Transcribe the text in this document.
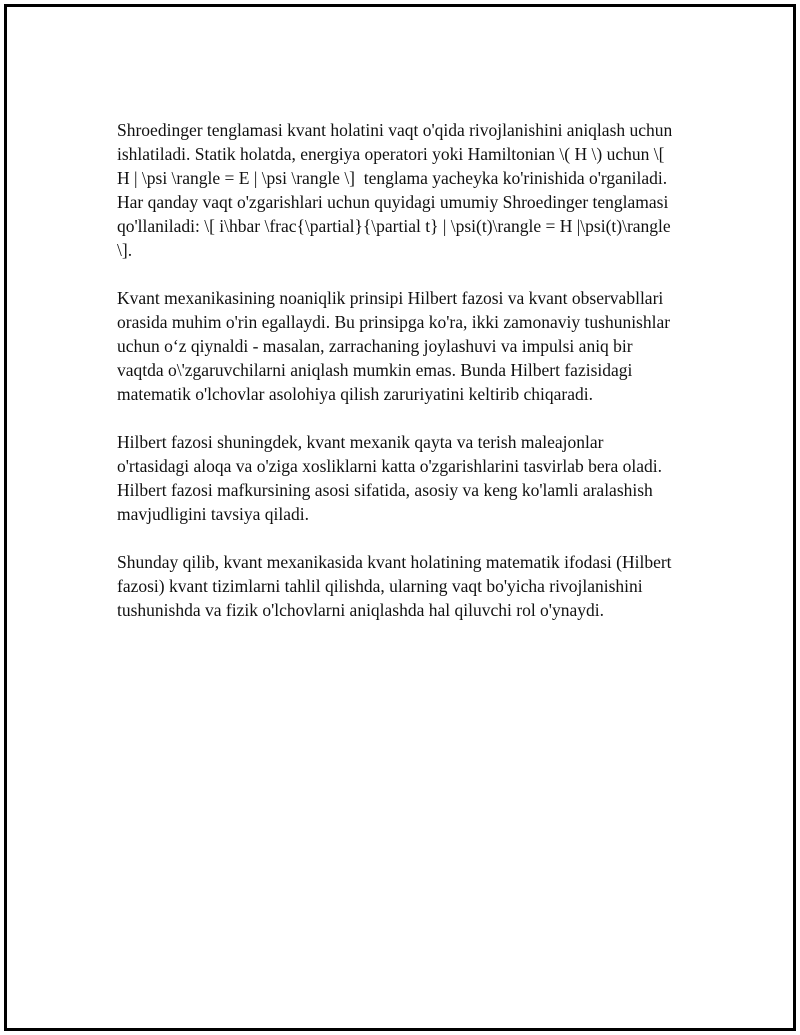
Shroedinger tenglamasi kvant holatini vaqt o'qida rivojlanishini aniqlash uchun ishlatiladi. Statik holatda, energiya operatori yoki Hamiltonian \( H \) uchun \[ H | \psi \rangle = E | \psi \rangle \]  tenglama yacheyka ko'rinishida o'rganiladi. Har qanday vaqt o'zgarishlari uchun quyidagi umumiy Shroedinger tenglamasi qo'llaniladi: \[ i\hbar \frac{\partial}{\partial t} | \psi(t)\rangle = H |\psi(t)\rangle \].

Kvant mexanikasining noaniqlik prinsipi Hilbert fazosi va kvant observabllari orasida muhim o'rin egallaydi. Bu prinsipga ko'ra, ikki zamonaviy tushunishlar uchun o‘z qiynaldi - masalan, zarrachaning joylashuvi va impulsi aniq bir vaqtda o\'zgaruvchilarni aniqlash mumkin emas. Bunda Hilbert fazisidagi matematik o'lchovlar asolohiya qilish zaruriyatini keltirib chiqaradi.

Hilbert fazosi shuningdek, kvant mexanik qayta va terish maleajonlar o'rtasidagi aloqa va o'ziga xosliklarni katta o'zgarishlarini tasvirlab bera oladi. Hilbert fazosi mafkursining asosi sifatida, asosiy va keng ko'lamli aralashish mavjudligini tavsiya qiladi.

Shunday qilib, kvant mexanikasida kvant holatining matematik ifodasi (Hilbert fazosi) kvant tizimlarni tahlil qilishda, ularning vaqt bo'yicha rivojlanishini tushunishda va fizik o'lchovlarni aniqlashda hal qiluvchi rol o'ynaydi.
